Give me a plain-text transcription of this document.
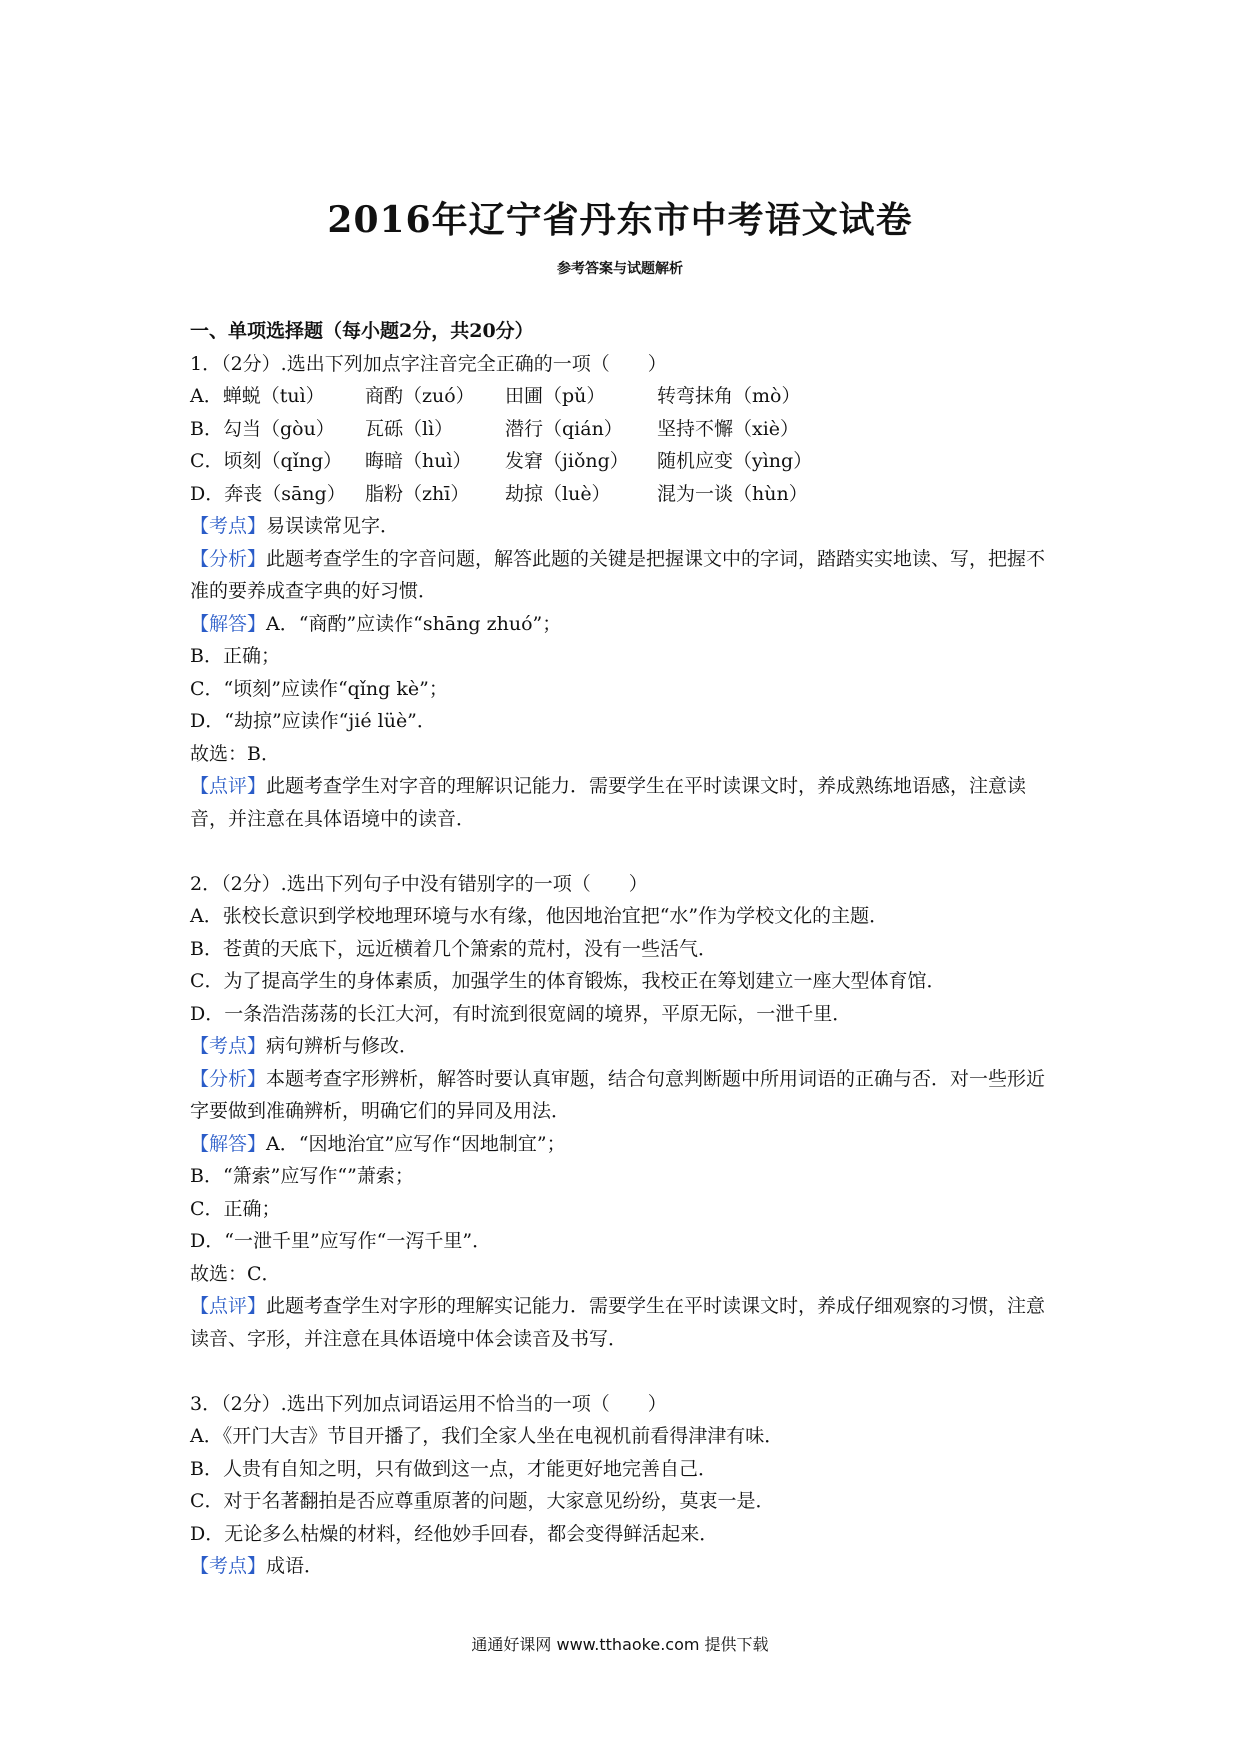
2016年辽宁省丹东市中考语文试卷
参考答案与试题解析
一、单项选择题（每小题2分，共20分）
1．（2分）.选出下列加点字注音完全正确的一项（　　）
A．蝉蜕（tuì） 商酌（zuó） 田圃（pǔ）	转弯抹角（mò）
B．勾当（gòu） 瓦砾（lì）	潜行（qián） 坚持不懈（xiè）
C．顷刻（qǐng） 晦暗（huì） 发窘（jiǒng） 随机应变（yìng）
D．奔丧（sāng） 脂粉（zhī） 劫掠（luè） 混为一谈（hùn）
【考点】易误读常见字．
【分析】此题考查学生的字音问题，解答此题的关键是把握课文中的字词，踏踏实实地读、写，把握不准的要养成查字典的好习惯．
【解答】A．“商酌”应读作“shāng zhuó”；
B．正确；
C．“顷刻”应读作“qǐng kè”；
D．“劫掠”应读作“jié lüè”．
故选：B．
【点评】此题考查学生对字音的理解识记能力．需要学生在平时读课文时，养成熟练地语感，注意读音，并注意在具体语境中的读音．
2．（2分）.选出下列句子中没有错别字的一项（　　）
A．张校长意识到学校地理环境与水有缘，他因地治宜把“水”作为学校文化的主题．
B．苍黄的天底下，远近横着几个箫索的荒村，没有一些活气．
C．为了提高学生的身体素质，加强学生的体育锻炼，我校正在筹划建立一座大型体育馆．
D．一条浩浩荡荡的长江大河，有时流到很宽阔的境界，平原无际，一泄千里．
【考点】病句辨析与修改．
【分析】本题考查字形辨析，解答时要认真审题，结合句意判断题中所用词语的正确与否．对一些形近字要做到准确辨析，明确它们的异同及用法．
【解答】A．“因地治宜”应写作“因地制宜”；
B．“箫索”应写作“”萧索；
C．正确；
D．“一泄千里”应写作“一泻千里”．
故选：C．
【点评】此题考查学生对字形的理解实记能力．需要学生在平时读课文时，养成仔细观察的习惯，注意读音、字形，并注意在具体语境中体会读音及书写．
3．（2分）.选出下列加点词语运用不恰当的一项（　　）
A．《开门大吉》节目开播了，我们全家人坐在电视机前看得津津有味．
B．人贵有自知之明，只有做到这一点，才能更好地完善自己．
C．对于名著翻拍是否应尊重原著的问题，大家意见纷纷，莫衷一是．
D．无论多么枯燥的材料，经他妙手回春，都会变得鲜活起来．
【考点】成语．
通通好课网 www.tthaoke.com 提供下载
